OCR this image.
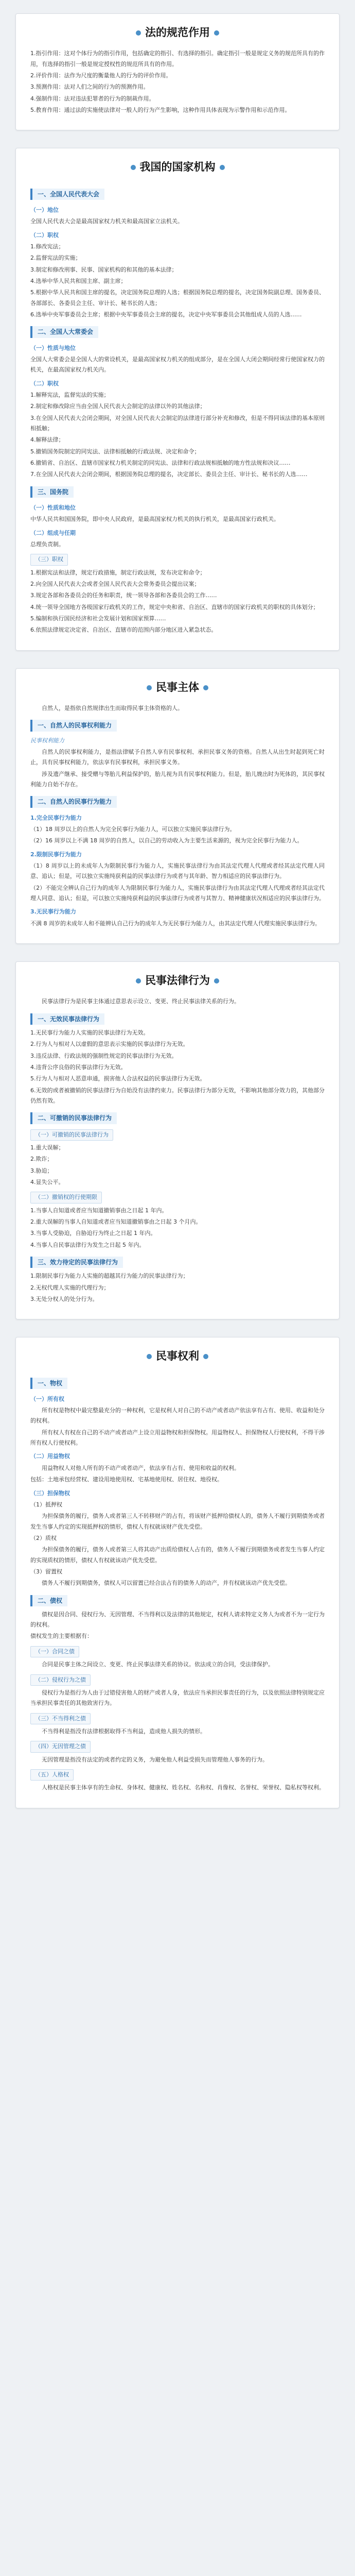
法的规范作用
1.指引作用：这对个体行为的指引作用，包括确定的指引、有选择的指引。确定指引一般是规定义务的规范所具有的作用，有选择的指引一般是规定授权性的规范所具有的作用。
2.评价作用：法作为尺度的衡量他人的行为的评价作用。
3.预测作用：法对人们之间的行为的预测作用。
4.强制作用：法对违法犯罪者的行为的制裁作用。
5.教育作用：通过法的实施使法律对一般人的行为产生影响，这种作用具体表现为示警作用和示范作用。
我国的国家机构
一、全国人民代表大会
（一）地位
全国人民代表大会是最高国家权力机关和最高国家立法机关。
（二）职权
1.修改宪法；
2.监督宪法的实施；
3.制定和修改刑事、民事、国家机构的和其他的基本法律；
4.选举中华人民共和国主席、副主席；
5.根据中华人民共和国主席的提名，决定国务院总理的人选；根据国务院总理的提名，决定国务院副总理、国务委员、各部部长、各委员会主任、审计长、秘书长的人选；
6.选举中央军事委员会主席；根据中央军事委员会主席的提名，决定中央军事委员会其他组成人员的人选……
二、全国人大常委会
（一）性质与地位
全国人大常委会是全国人大的常设机关，是最高国家权力机关的组成部分，是在全国人大闭会期间经常行使国家权力的机关，在最高国家权力机关内。
（二）职权
1.解释宪法，监督宪法的实施；
2.制定和修改除应当由全国人民代表大会制定的法律以外的其他法律；
3.在全国人民代表大会闭会期间，对全国人民代表大会制定的法律进行部分补充和修改，但是不得同该法律的基本原则相抵触；
4.解释法律；
5.撤销国务院制定的同宪法、法律相抵触的行政法规、决定和命令；
6.撤销省、自治区、直辖市国家权力机关制定的同宪法、法律和行政法规相抵触的地方性法规和决议……
7.在全国人民代表大会闭会期间，根据国务院总理的提名，决定部长、委员会主任、审计长、秘书长的人选……
三、国务院
（一）性质和地位
中华人民共和国国务院，即中央人民政府，是最高国家权力机关的执行机关，是最高国家行政机关。
（二）组成与任期
总理负责制。
（三）职权
1.根据宪法和法律，规定行政措施，制定行政法规，发布决定和命令；
2.向全国人民代表大会或者全国人民代表大会常务委员会提出议案；
3.规定各部和各委员会的任务和职责，统一领导各部和各委员会的工作……
4.统一领导全国地方各级国家行政机关的工作，规定中央和省、自治区、直辖市的国家行政机关的职权的具体划分；
5.编制和执行国民经济和社会发展计划和国家预算……
6.依照法律规定决定省、自治区、直辖市的范围内部分地区进入紧急状态。
民事主体
自然人，是指依自然规律出生而取得民事主体资格的人。
一、自然人的民事权利能力
民事权利能力
自然人的民事权利能力，是指法律赋予自然人享有民事权利、承担民事义务的资格。自然人从出生时起到死亡时止，具有民事权利能力，依法享有民事权利，承担民事义务。
涉及遗产继承、接受赠与等胎儿利益保护的，胎儿视为具有民事权利能力。但是，胎儿娩出时为死体的，其民事权利能力自始不存在。
二、自然人的民事行为能力
1.完全民事行为能力
（1）18 周岁以上的自然人为完全民事行为能力人，可以独立实施民事法律行为。
（2）16 周岁以上不满 18 周岁的自然人，以自己的劳动收入为主要生活来源的，视为完全民事行为能力人。
2.限制民事行为能力
（1）8 周岁以上的未成年人为限制民事行为能力人，实施民事法律行为由其法定代理人代理或者经其法定代理人同意、追认；但是，可以独立实施纯获利益的民事法律行为或者与其年龄、智力相适应的民事法律行为。
（2）不能完全辨认自己行为的成年人为限制民事行为能力人，实施民事法律行为由其法定代理人代理或者经其法定代理人同意、追认；但是，可以独立实施纯获利益的民事法律行为或者与其智力、精神健康状况相适应的民事法律行为。
3.无民事行为能力
不满 8 周岁的未成年人和不能辨认自己行为的成年人为无民事行为能力人，由其法定代理人代理实施民事法律行为。
民事法律行为
民事法律行为是民事主体通过意思表示设立、变更、终止民事法律关系的行为。
一、无效民事法律行为
1.无民事行为能力人实施的民事法律行为无效。
2.行为人与相对人以虚假的意思表示实施的民事法律行为无效。
3.违反法律、行政法规的强制性规定的民事法律行为无效。
4.违背公序良俗的民事法律行为无效。
5.行为人与相对人恶意串通，损害他人合法权益的民事法律行为无效。
6.无效的或者被撤销的民事法律行为自始没有法律约束力。民事法律行为部分无效，不影响其他部分效力的，其他部分仍然有效。
二、可撤销的民事法律行为
（一）可撤销的民事法律行为
1.重大误解；
2.欺诈；
3.胁迫；
4.显失公平。
（二）撤销权的行使期限
1.当事人自知道或者应当知道撤销事由之日起 1 年内。
2.重大误解的当事人自知道或者应当知道撤销事由之日起 3 个月内。
3.当事人受胁迫，自胁迫行为终止之日起 1 年内。
4.当事人自民事法律行为发生之日起 5 年内。
三、效力待定的民事法律行为
1.限制民事行为能力人实施的超越其行为能力的民事法律行为；
2.无权代理人实施的代理行为；
3.无处分权人的处分行为。
民事权利
一、物权
（一）所有权
所有权是物权中最完整最充分的一种权利，它是权利人对自己的不动产或者动产依法享有占有、使用、收益和处分的权利。
所有权人有权在自己的不动产或者动产上设立用益物权和担保物权。用益物权人、担保物权人行使权利，不得干涉所有权人行使权利。
（二）用益物权
用益物权人对他人所有的不动产或者动产，依法享有占有、使用和收益的权利。
包括：土地承包经营权、建设用地使用权、宅基地使用权、居住权、地役权。
（三）担保物权
（1）抵押权
为担保债务的履行，债务人或者第三人不转移财产的占有，将该财产抵押给债权人的，债务人不履行到期债务或者发生当事人约定的实现抵押权的情形，债权人有权就该财产优先受偿。
（2）质权
为担保债务的履行，债务人或者第三人将其动产出质给债权人占有的，债务人不履行到期债务或者发生当事人约定的实现质权的情形，债权人有权就该动产优先受偿。
（3）留置权
债务人不履行到期债务，债权人可以留置已经合法占有的债务人的动产，并有权就该动产优先受偿。
二、债权
债权是因合同、侵权行为、无因管理、不当得利以及法律的其他规定，权利人请求特定义务人为或者不为一定行为的权利。
债权发生的主要根据有：
（一）合同之债
合同是民事主体之间设立、变更、终止民事法律关系的协议。依法成立的合同，受法律保护。
（二）侵权行为之债
侵权行为是指行为人由于过错侵害他人的财产或者人身，依法应当承担民事责任的行为，以及依照法律特别规定应当承担民事责任的其他致害行为。
（三）不当得利之债
不当得利是指没有法律根据取得不当利益，造成他人损失的情形。
（四）无因管理之债
无因管理是指没有法定的或者约定的义务，为避免他人利益受损失而管理他人事务的行为。
（五）人格权
人格权是民事主体享有的生命权、身体权、健康权、姓名权、名称权、肖像权、名誉权、荣誉权、隐私权等权利。
